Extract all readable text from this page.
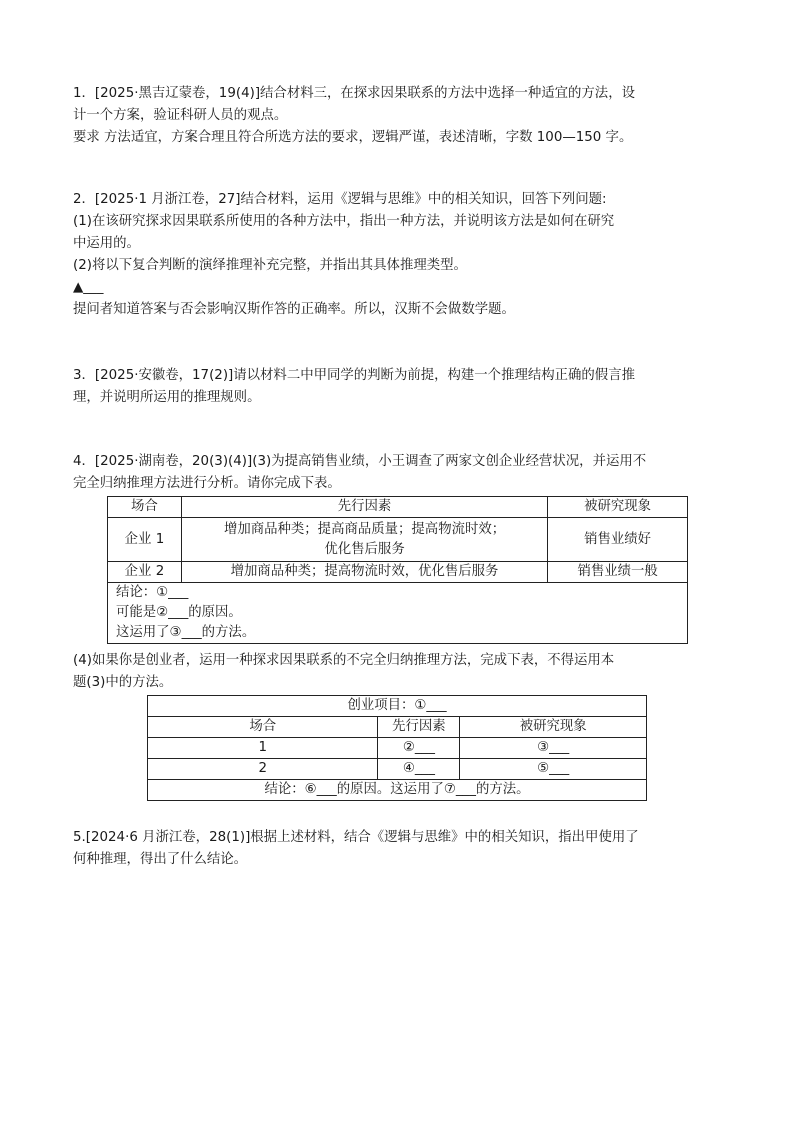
1．[2025·黑吉辽蒙卷，19(4)]结合材料三，在探求因果联系的方法中选择一种适宜的方法，设

计一个方案，验证科研人员的观点。

要求 方法适宜，方案合理且符合所选方法的要求，逻辑严谨，表述清晰，字数 100—150 字。

2．[2025·1 月浙江卷，27]结合材料，运用《逻辑与思维》中的相关知识，回答下列问题:

(1)在该研究探求因果联系所使用的各种方法中，指出一种方法，并说明该方法是如何在研究

中运用的。

(2)将以下复合判断的演绎推理补充完整，并指出其具体推理类型。

▲___

提问者知道答案与否会影响汉斯作答的正确率。所以，汉斯不会做数学题。

3．[2025·安徽卷，17(2)]请以材料二中甲同学的判断为前提，构建一个推理结构正确的假言推

理，并说明所运用的推理规则。

4．[2025·湖南卷，20(3)(4)](3)为提高销售业绩，小王调查了两家文创企业经营状况，并运用不

完全归纳推理方法进行分析。请你完成下表。

场合	先行因素	被研究现象
企业 1	增加商品种类；提高商品质量；提高物流时效；
优化售后服务	销售业绩好
企业 2	增加商品种类；提高物流时效，优化售后服务	销售业绩一般

结论：①___
可能是②___的原因。
这运用了③___的方法。		

(4)如果你是创业者，运用一种探求因果联系的不完全归纳推理方法，完成下表，不得运用本

题(3)中的方法。

创业项目：①___		
场合	先行因素	被研究现象
1	②___	③___
2	④___	⑤___
结论：⑥___的原因。这运用了⑦___的方法。		

5.[2024·6 月浙江卷，28(1)]根据上述材料，结合《逻辑与思维》中的相关知识，指出甲使用了

何种推理，得出了什么结论。
